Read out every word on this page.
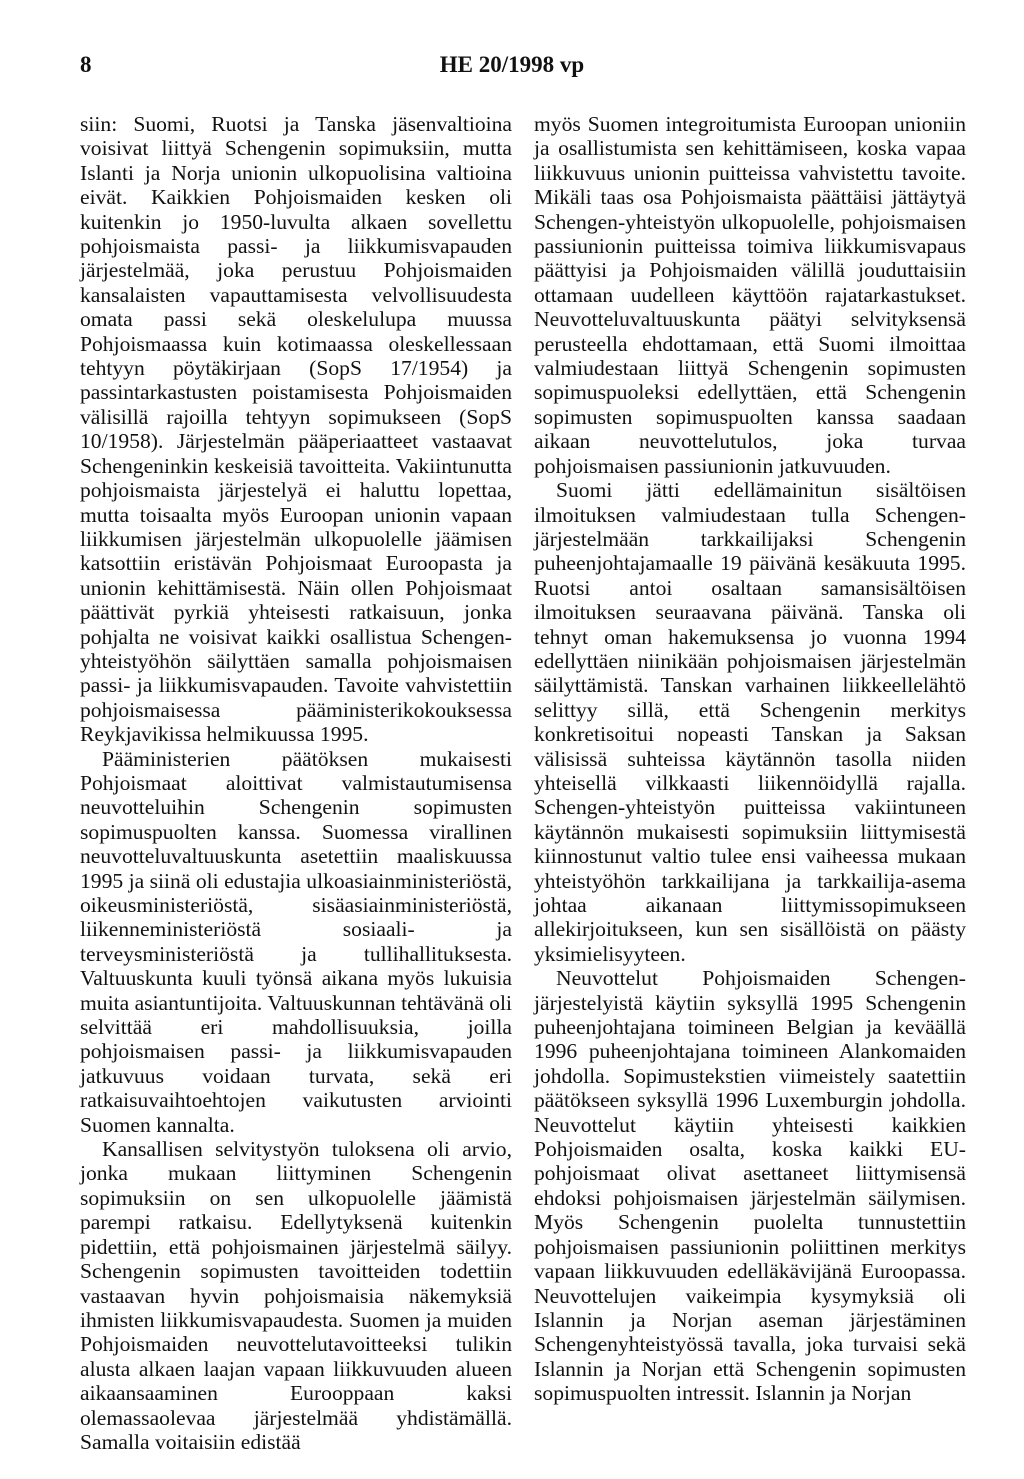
8	HE 20/1998 vp

siin: Suomi, Ruotsi ja Tanska jäsenvaltioina voisivat liittyä Schengenin sopimuksiin, mutta Islanti ja Norja unionin ulkopuolisina valtioina eivät. Kaikkien Pohjoismaiden kesken oli kuitenkin jo 1950-luvulta alkaen sovellettu pohjoismaista passi- ja liikkumisvapauden järjestelmää, joka perustuu Pohjoismaiden kansalaisten vapauttamisesta velvollisuudesta omata passi sekä oleskelulupa muussa Pohjoismaassa kuin kotimaassa oleskellessaan tehtyyn pöytäkirjaan (SopS 17/1954) ja passintarkastusten poistamisesta Pohjoismaiden välisillä rajoilla tehtyyn sopimukseen (SopS 10/1958). Järjestelmän pääperiaatteet vastaavat Schengeninkin keskeisiä tavoitteita. Vakiintunutta pohjoismaista järjestelyä ei haluttu lopettaa, mutta toisaalta myös Euroopan unionin vapaan liikkumisen järjestelmän ulkopuolelle jäämisen katsottiin eristävän Pohjoismaat Euroopasta ja unionin kehittämisestä. Näin ollen Pohjoismaat päättivät pyrkiä yhteisesti ratkaisuun, jonka pohjalta ne voisivat kaikki osallistua Schengen-yhteistyöhön säilyttäen samalla pohjoismaisen passi- ja liikkumisvapauden. Tavoite vahvistettiin pohjoismaisessa pääministerikokouksessa Reykjavikissa helmikuussa 1995.

Pääministerien päätöksen mukaisesti Pohjoismaat aloittivat valmistautumisensa neuvotteluihin Schengenin sopimusten sopimuspuolten kanssa. Suomessa virallinen neuvotteluvaltuuskunta asetettiin maaliskuussa 1995 ja siinä oli edustajia ulkoasiainministeriöstä, oikeusministeriöstä, sisäasiainministeriöstä, liikenneministeriöstä sosiaali- ja terveysministeriöstä ja tullihallituksesta. Valtuuskunta kuuli työnsä aikana myös lukuisia muita asiantuntijoita. Valtuuskunnan tehtävänä oli selvittää eri mahdollisuuksia, joilla pohjoismaisen passi- ja liikkumisvapauden jatkuvuus voidaan turvata, sekä eri ratkaisuvaihtoehtojen vaikutusten arviointi Suomen kannalta.

Kansallisen selvitystyön tuloksena oli arvio, jonka mukaan liittyminen Schengenin sopimuksiin on sen ulkopuolelle jäämistä parempi ratkaisu. Edellytyksenä kuitenkin pidettiin, että pohjoismainen järjestelmä säilyy. Schengenin sopimusten tavoitteiden todettiin vastaavan hyvin pohjoismaisia näkemyksiä ihmisten liikkumisvapaudesta. Suomen ja muiden Pohjoismaiden neuvottelutavoitteeksi tulikin alusta alkaen laajan vapaan liikkuvuuden alueen aikaansaaminen Eurooppaan kaksi olemassaolevaa järjestelmää yhdistämällä. Samalla voitaisiin edistää

myös Suomen integroitumista Euroopan unioniin ja osallistumista sen kehittämiseen, koska vapaa liikkuvuus unionin puitteissa vahvistettu tavoite. Mikäli taas osa Pohjoismaista päättäisi jättäytyä Schengen-yhteistyön ulkopuolelle, pohjoismaisen passiunionin puitteissa toimiva liikkumisvapaus päättyisi ja Pohjoismaiden välillä jouduttaisiin ottamaan uudelleen käyttöön rajatarkastukset. Neuvotteluvaltuuskunta päätyi selvityksensä perusteella ehdottamaan, että Suomi ilmoittaa valmiudestaan liittyä Schengenin sopimusten sopimuspuoleksi edellyttäen, että Schengenin sopimusten sopimuspuolten kanssa saadaan aikaan neuvottelutulos, joka turvaa pohjoismaisen passiunionin jatkuvuuden.

Suomi jätti edellämainitun sisältöisen ilmoituksen valmiudestaan tulla Schengen-järjestelmään tarkkailijaksi Schengenin puheenjohtajamaalle 19 päivänä kesäkuuta 1995. Ruotsi antoi osaltaan samansisältöisen ilmoituksen seuraavana päivänä. Tanska oli tehnyt oman hakemuksensa jo vuonna 1994 edellyttäen niinikään pohjoismaisen järjestelmän säilyttämistä. Tanskan varhainen liikkeellelähtö selittyy sillä, että Schengenin merkitys konkretisoitui nopeasti Tanskan ja Saksan välisissä suhteissa käytännön tasolla niiden yhteisellä vilkkaasti liikennöidyllä rajalla. Schengen-yhteistyön puitteissa vakiintuneen käytännön mukaisesti sopimuksiin liittymisestä kiinnostunut valtio tulee ensi vaiheessa mukaan yhteistyöhön tarkkailijana ja tarkkailija-asema johtaa aikanaan liittymissopimukseen allekirjoitukseen, kun sen sisällöistä on päästy yksimielisyyteen.

Neuvottelut Pohjoismaiden Schengen-järjestelyistä käytiin syksyllä 1995 Schengenin puheenjohtajana toimineen Belgian ja keväällä 1996 puheenjohtajana toimineen Alankomaiden johdolla. Sopimustekstien viimeistely saatettiin päätökseen syksyllä 1996 Luxemburgin johdolla. Neuvottelut käytiin yhteisesti kaikkien Pohjoismaiden osalta, koska kaikki EU-pohjoismaat olivat asettaneet liittymisensä ehdoksi pohjoismaisen järjestelmän säilymisen. Myös Schengenin puolelta tunnustettiin pohjoismaisen passiunionin poliittinen merkitys vapaan liikkuvuuden edelläkävijänä Euroopassa. Neuvottelujen vaikeimpia kysymyksiä oli Islannin ja Norjan aseman järjestäminen Schengenyhteistyössä tavalla, joka turvaisi sekä Islannin ja Norjan että Schengenin sopimusten sopimuspuolten intressit. Islannin ja Norjan
